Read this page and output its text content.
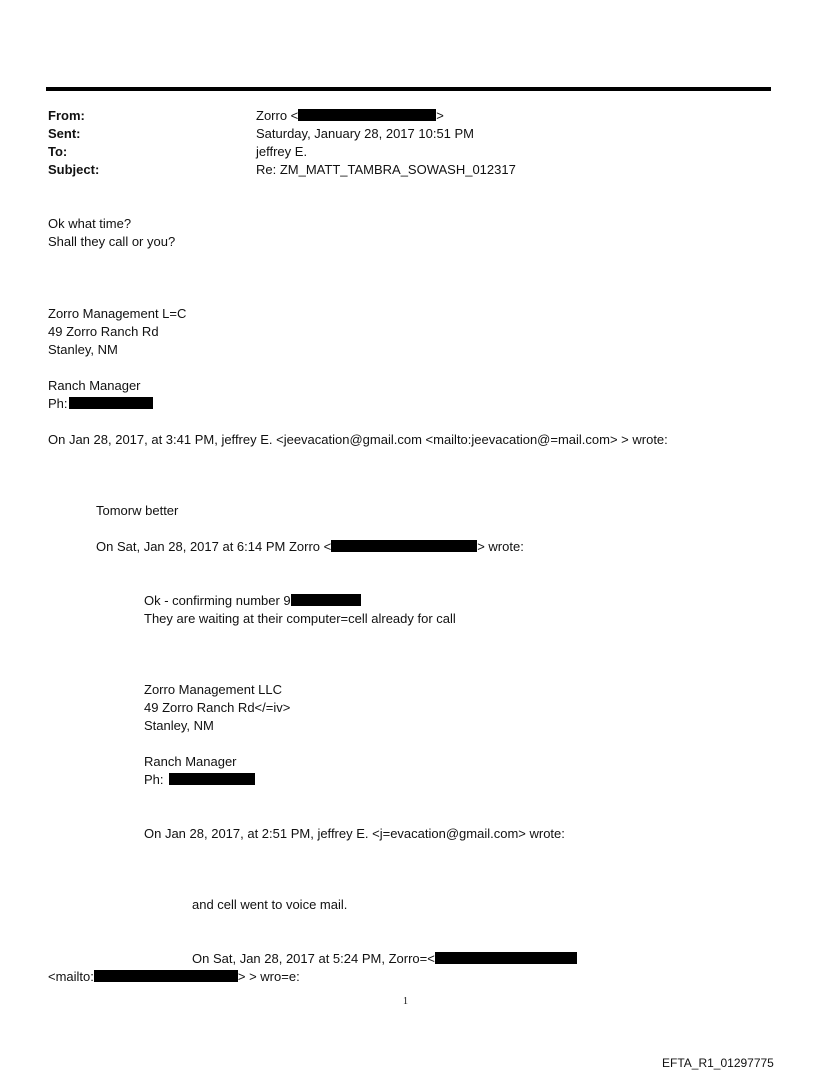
From:	Zorro <	>
Sent:	Saturday, January 28, 2017 10:51 PM
To:	jeffrey E.
Subject:	Re: ZM_MATT_TAMBRA_SOWASH_012317
Ok what time?
Shall they call or you?
Zorro Management L=C
49 Zorro Ranch Rd
Stanley, NM
Ranch Manager
Ph:
On Jan 28, 2017, at 3:41 PM, jeffrey E. <jeevacation@gmail.com <mailto:jeevacation@=mail.com> > wrote:
Tomorw better
On Sat, Jan 28, 2017 at 6:14 PM Zorro <	> wrote:
Ok - confirming number 9
They are waiting at their computer=cell already for call
Zorro Management LLC
49 Zorro Ranch Rd</=iv>
Stanley, NM
Ranch Manager
Ph:
On Jan 28, 2017, at 2:51 PM, jeffrey E. <j=evacation@gmail.com> wrote:
and cell went to voice mail.
On Sat, Jan 28, 2017 at 5:24 PM, Zorro=<
<mailto:	> > wro=e:
1
EFTA_R1_01297775
